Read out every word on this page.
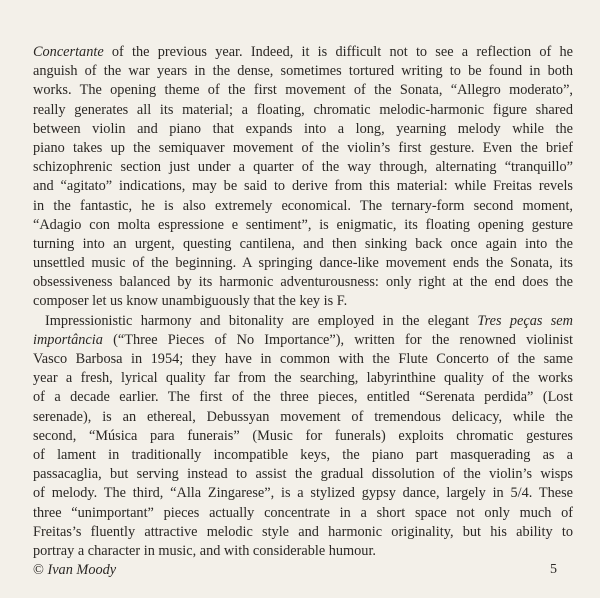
Concertante of the previous year. Indeed, it is difficult not to see a reflection of he
anguish of the war years in the dense, sometimes tortured writing to be found in both
works. The opening theme of the first movement of the Sonata, “Allegro moderato”,
really generates all its material; a floating, chromatic melodic-harmonic figure shared
between violin and piano that expands into a long, yearning melody while the
piano takes up the semiquaver movement of the violin’s first gesture. Even the brief
schizophrenic section just under a quarter of the way through, alternating “tranquillo”
and “agitato” indications, may be said to derive from this material: while Freitas revels
in the fantastic, he is also extremely economical. The ternary-form second moment,
“Adagio con molta espressione e sentiment”, is enigmatic, its floating opening gesture
turning into an urgent, questing cantilena, and then sinking back once again into the
unsettled music of the beginning. A springing dance-like movement ends the Sonata, its
obsessiveness balanced by its harmonic adventurousness: only right at the end does the
composer let us know unambiguously that the key is F.
Impressionistic harmony and bitonality are employed in the elegant Tres peças sem
importância (“Three Pieces of No Importance”), written for the renowned violinist
Vasco Barbosa in 1954; they have in common with the Flute Concerto of the same
year a fresh, lyrical quality far from the searching, labyrinthine quality of the works
of a decade earlier. The first of the three pieces, entitled “Serenata perdida” (Lost
serenade), is an ethereal, Debussyan movement of tremendous delicacy, while the
second, “Música para funerais” (Music for funerals) exploits chromatic gestures
of lament in traditionally incompatible keys, the piano part masquerading as a
passacaglia, but serving instead to assist the gradual dissolution of the violin’s wisps
of melody. The third, “Alla Zingarese”, is a stylized gypsy dance, largely in 5/4. These
three “unimportant” pieces actually concentrate in a short space not only much of
Freitas’s fluently attractive melodic style and harmonic originality, but his ability to
portray a character in music, and with considerable humour.
© Ivan Moody	5
